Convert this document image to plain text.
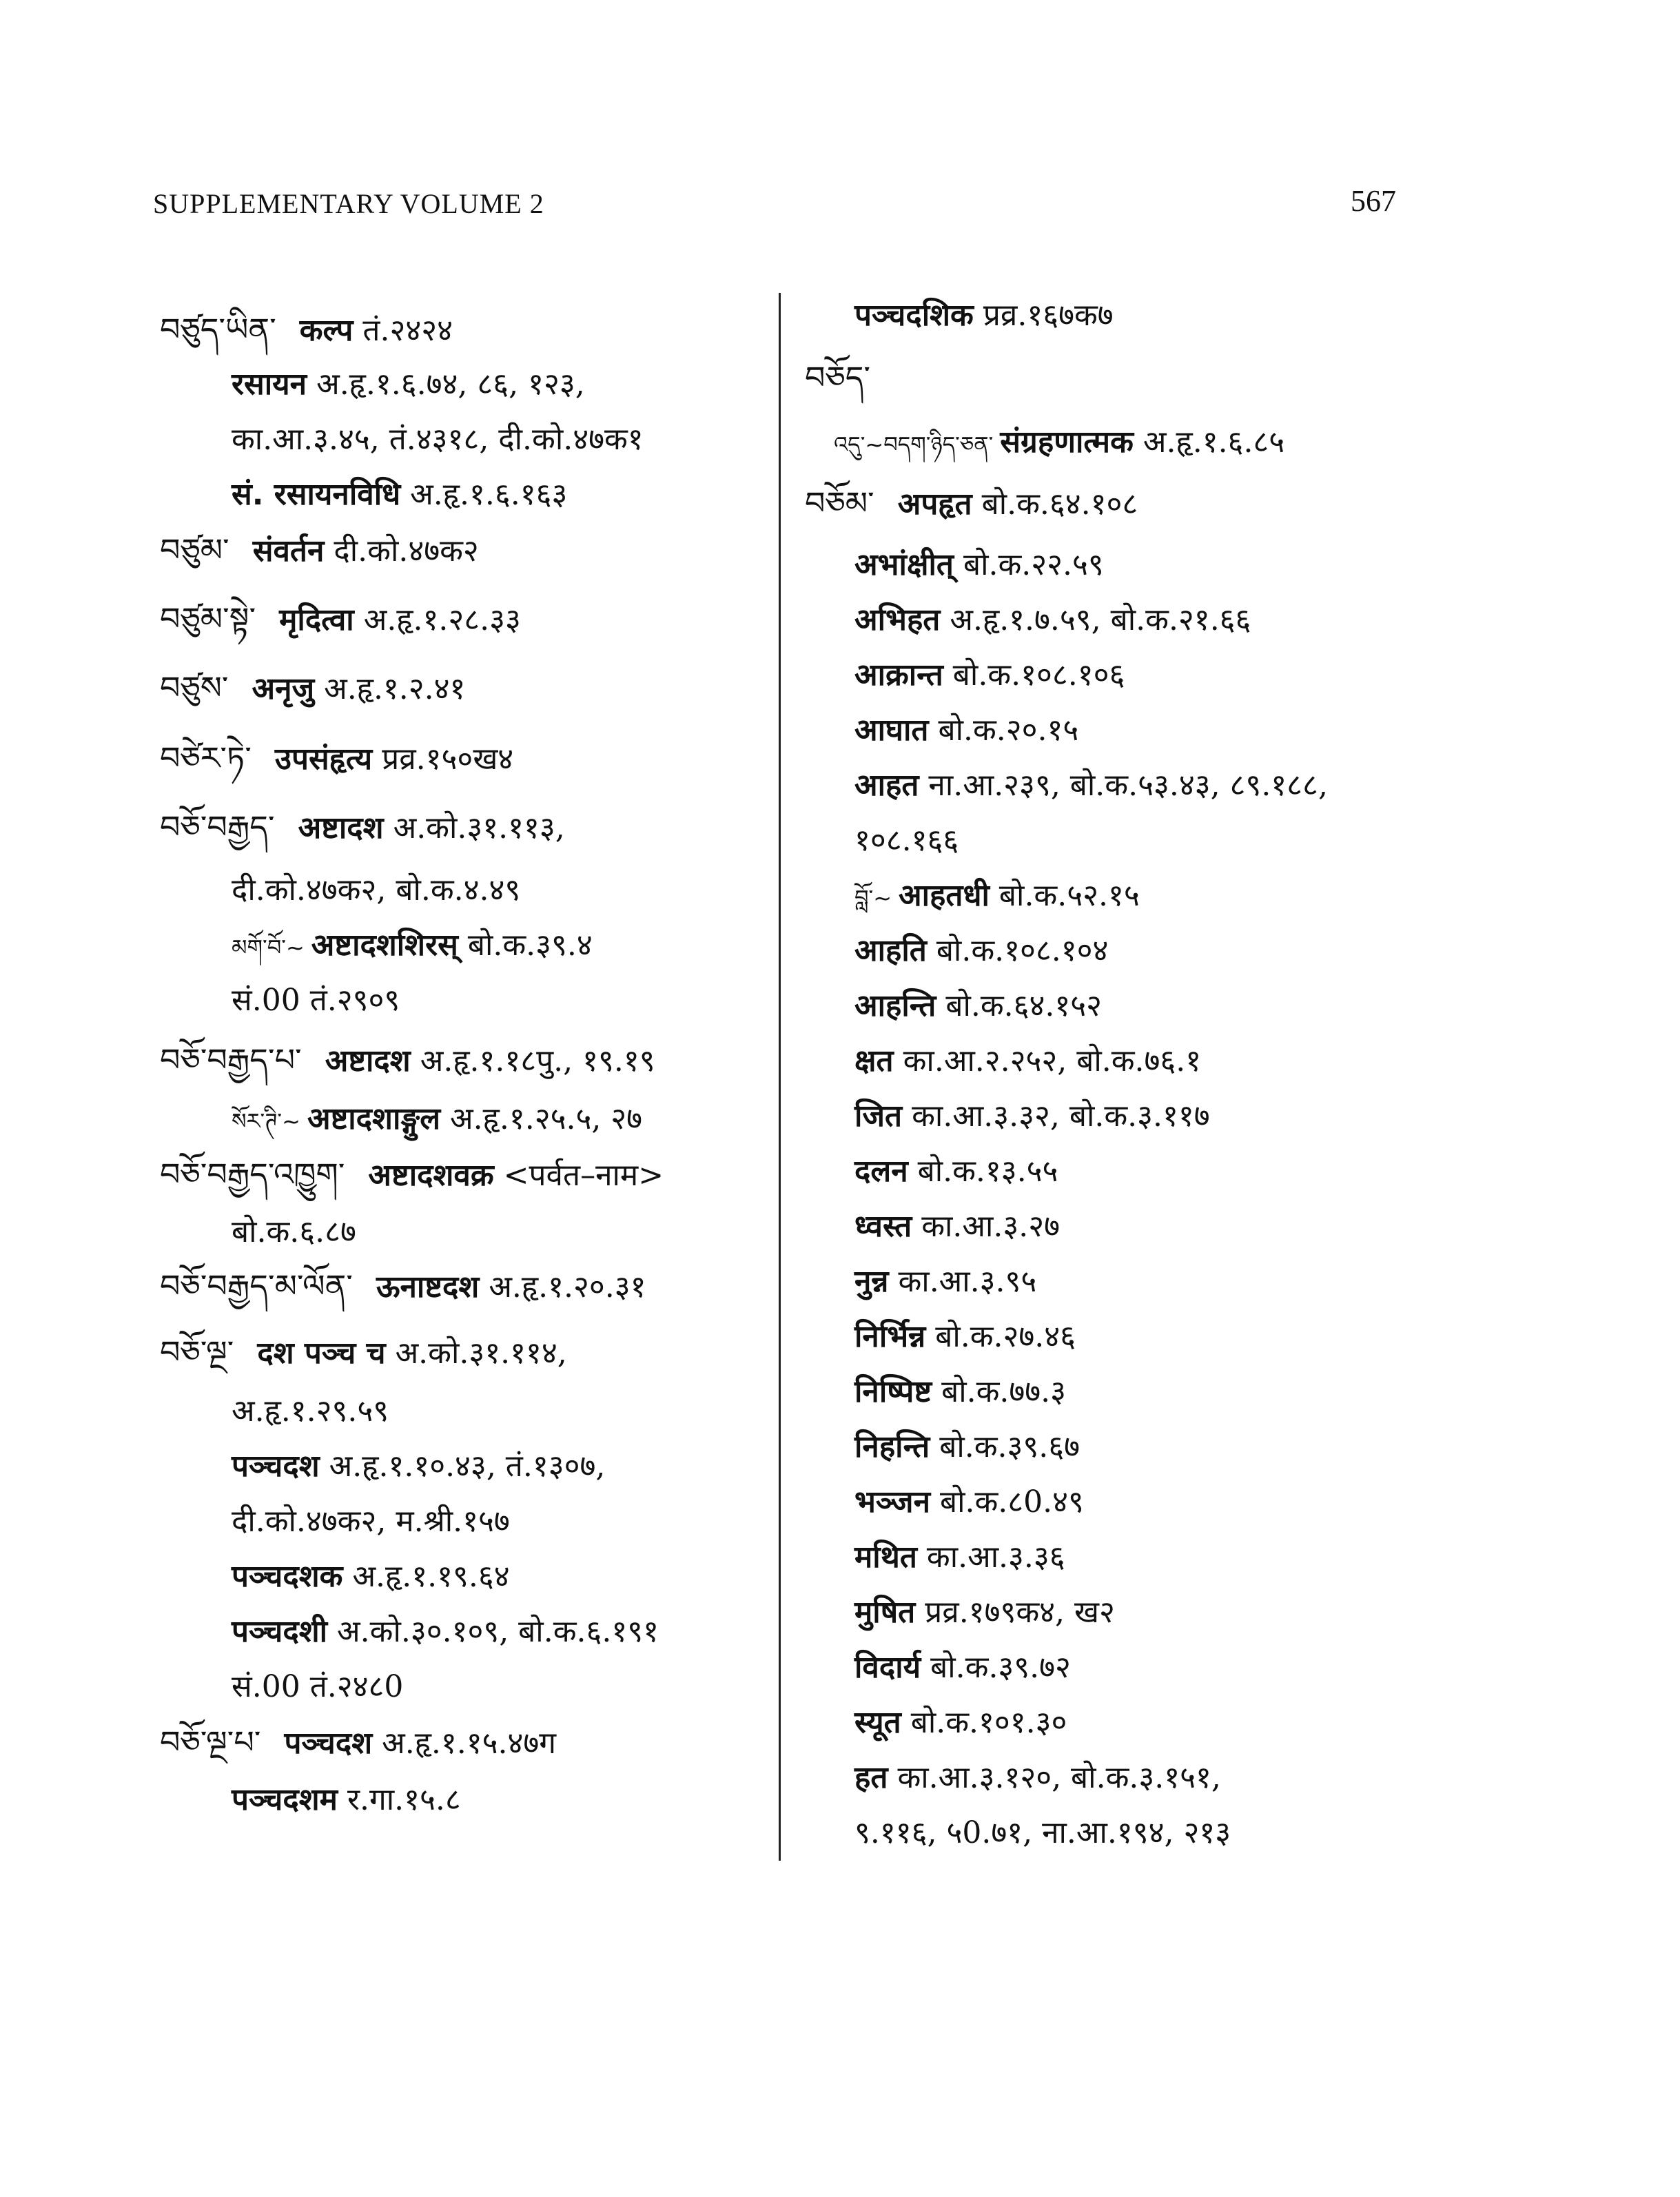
SUPPLEMENTARY VOLUME 2	567
བཙུད་ཡིན་ कल्प तं.२४२४
रसायन अ.हृ.१.६.७४, ८६, १२३,
का.आ.३.४५, तं.४३१८, दी.को.४७क१
सं. रसायनविधि अ.हृ.१.६.१६३
བཙུམ་ संवर्तन दी.को.४७क२
བཙུམ་སྟེ་ मृदित्वा अ.हृ.१.२८.३३
བཙུས་ अनृजु अ.हृ.१.२.४१
བཙེར་ཏེ་ उपसंहृत्य प्रव्र.१५०ख४
བཅོ་བརྒྱད་ अष्टादश अ.को.३१.११३,
दी.को.४७क२, बो.क.४.४९
མགོ་བོ་~ अष्टादशशिरस् बो.क.३९.४
सं.00 तं.२९०९
བཅོ་བརྒྱད་པ་ अष्टादश अ.हृ.१.१८पु., १९.१९
སོར་ཊི་~ अष्टादशाङ्गुल अ.हृ.१.२५.५, २७
བཅོ་བརྒྱད་འཁྱུག་ अष्टादशवक्र <पर्वत–नाम>
बो.क.६.८७
བཅོ་བརྒྱད་མ་ལོན་ ऊनाष्टदश अ.हृ.१.२०.३१
བཅོ་ལྔ་ दश पञ्च च अ.को.३१.११४,
अ.हृ.१.२९.५९
पञ्चदश अ.हृ.१.१०.४३, तं.१३०७,
दी.को.४७क२, म.श्री.१५७
पञ्चदशक अ.हृ.१.१९.६४
पञ्चदशी अ.को.३०.१०९, बो.क.६.१९१
सं.00 तं.२४८0
བཅོ་ལྔ་པ་ पञ्चदश अ.हृ.१.१५.४७ग
पञ्चदशम र.गा.१५.८
पञ्चदशिक प्रव्र.१६७क७
བཅོད་
འདུ་~བདག་ཉིད་ཅན་ संग्रहणात्मक अ.हृ.१.६.८५
བཅོམ་ अपहृत बो.क.६४.१०८
अभांक्षीत् बो.क.२२.५९
अभिहत अ.हृ.१.७.५९, बो.क.२१.६६
आक्रान्त बो.क.१०८.१०६
आघात बो.क.२०.१५
आहत ना.आ.२३९, बो.क.५३.४३, ८९.१८८,
१०८.१६६
བློ་~ आहतधी बो.क.५२.१५
आहति बो.क.१०८.१०४
आहन्ति बो.क.६४.१५२
क्षत का.आ.२.२५२, बो.क.७६.१
जित का.आ.३.३२, बो.क.३.११७
दलन बो.क.१३.५५
ध्वस्त का.आ.३.२७
नुन्न का.आ.३.९५
निर्भिन्न बो.क.२७.४६
निष्पिष्ट बो.क.७७.३
निहन्ति बो.क.३९.६७
भञ्जन बो.क.८0.४९
मथित का.आ.३.३६
मुषित प्रव्र.१७९क४, ख२
विदार्य बो.क.३९.७२
स्यूत बो.क.१०१.३०
हत का.आ.३.१२०, बो.क.३.१५१,
९.११६, ५0.७१, ना.आ.१९४, २१३
